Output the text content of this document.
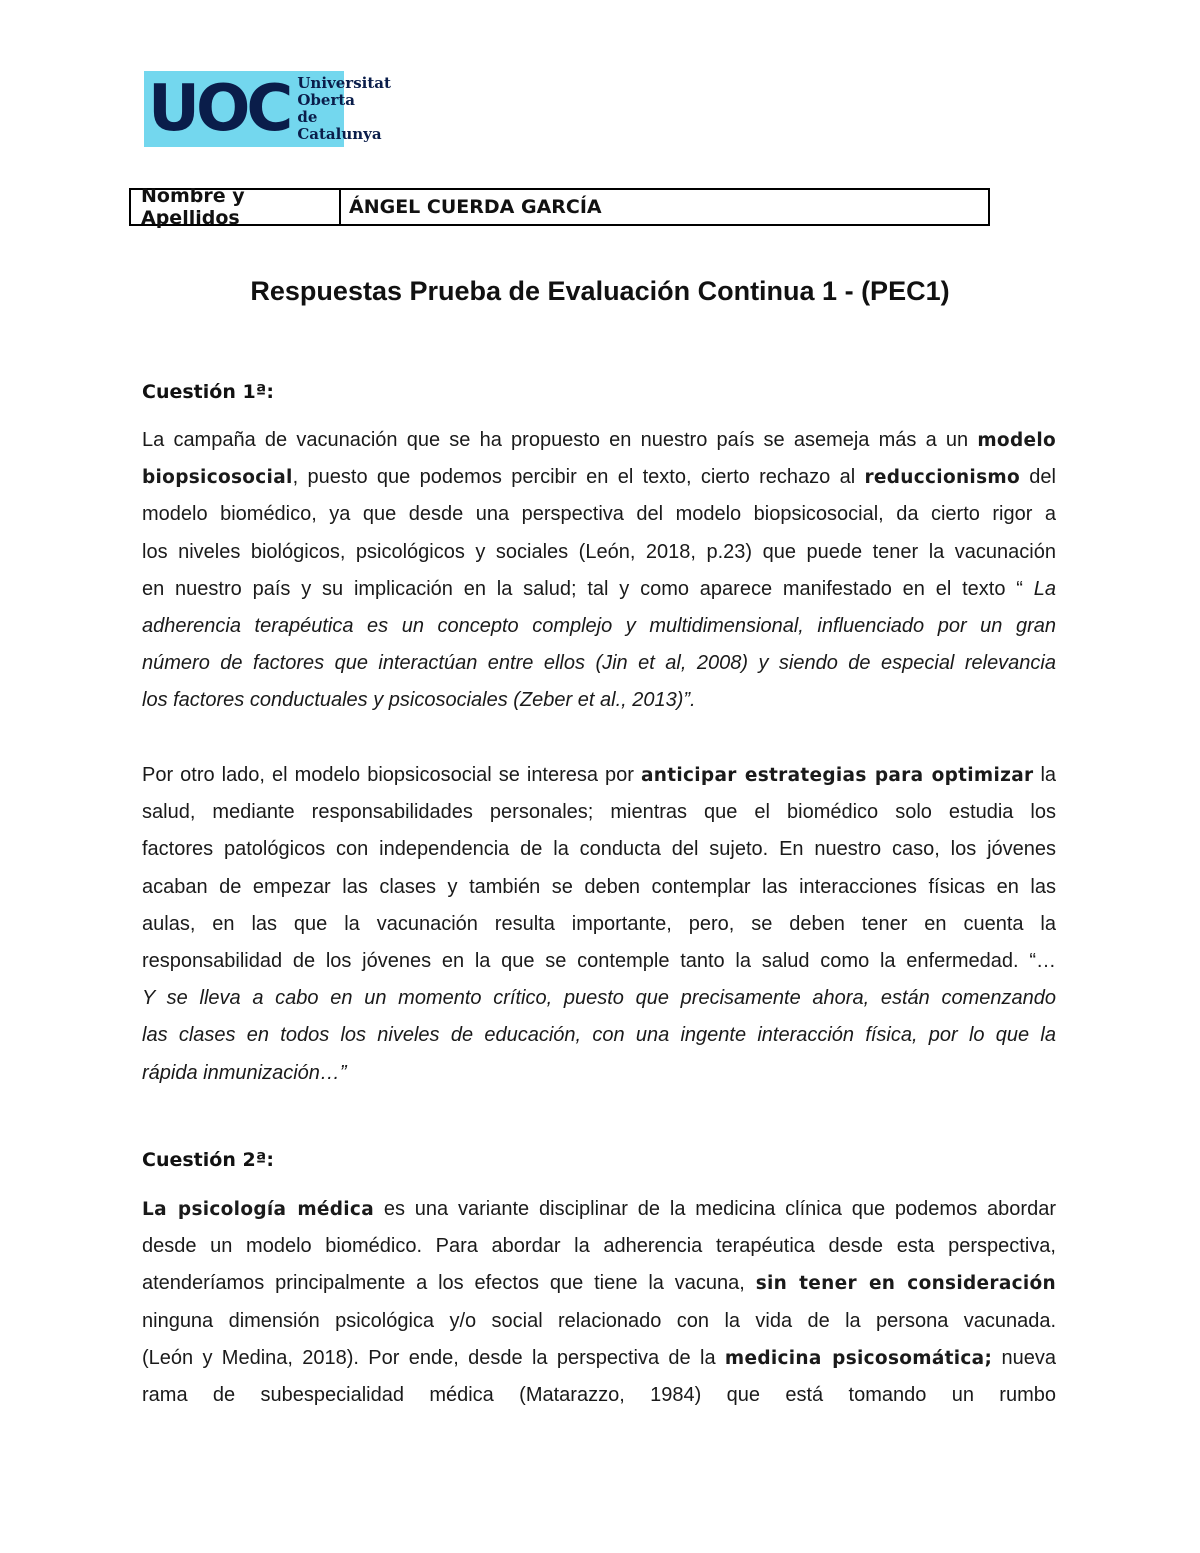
UOC Universitat
Oberta
de Catalunya
Nombre y Apellidos	ÁNGEL CUERDA GARCÍA
Respuestas Prueba de Evaluación Continua 1 - (PEC1)
Cuestión 1ª:
La campaña de vacunación que se ha propuesto en nuestro país se asemeja más a un modelo
biopsicosocial, puesto que podemos percibir en el texto, cierto rechazo al reduccionismo del
modelo biomédico, ya que desde una perspectiva del modelo biopsicosocial, da cierto rigor a
los niveles biológicos, psicológicos y sociales (León, 2018, p.23) que puede tener la vacunación
en nuestro país y su implicación en la salud; tal y como aparece manifestado en el texto “ La
adherencia terapéutica es un concepto complejo y multidimensional, influenciado por un gran
número de factores que interactúan entre ellos (Jin et al, 2008) y siendo de especial relevancia
los factores conductuales y psicosociales (Zeber et al., 2013)”.
Por otro lado, el modelo biopsicosocial se interesa por anticipar estrategias para optimizar la
salud, mediante responsabilidades personales; mientras que el biomédico solo estudia los
factores patológicos con independencia de la conducta del sujeto. En nuestro caso, los jóvenes
acaban de empezar las clases y también se deben contemplar las interacciones físicas en las
aulas, en las que la vacunación resulta importante, pero, se deben tener en cuenta la
responsabilidad de los jóvenes en la que se contemple tanto la salud como la enfermedad. “…
Y se lleva a cabo en un momento crítico, puesto que precisamente ahora, están comenzando
las clases en todos los niveles de educación, con una ingente interacción física, por lo que la
rápida inmunización…”
Cuestión 2ª:
La psicología médica es una variante disciplinar de la medicina clínica que podemos abordar
desde un modelo biomédico. Para abordar la adherencia terapéutica desde esta perspectiva,
atenderíamos principalmente a los efectos que tiene la vacuna, sin tener en consideración
ninguna dimensión psicológica y/o social relacionado con la vida de la persona vacunada.
(León y Medina, 2018). Por ende, desde la perspectiva de la medicina psicosomática; nueva
rama de subespecialidad médica (Matarazzo, 1984) que está tomando un rumbo
